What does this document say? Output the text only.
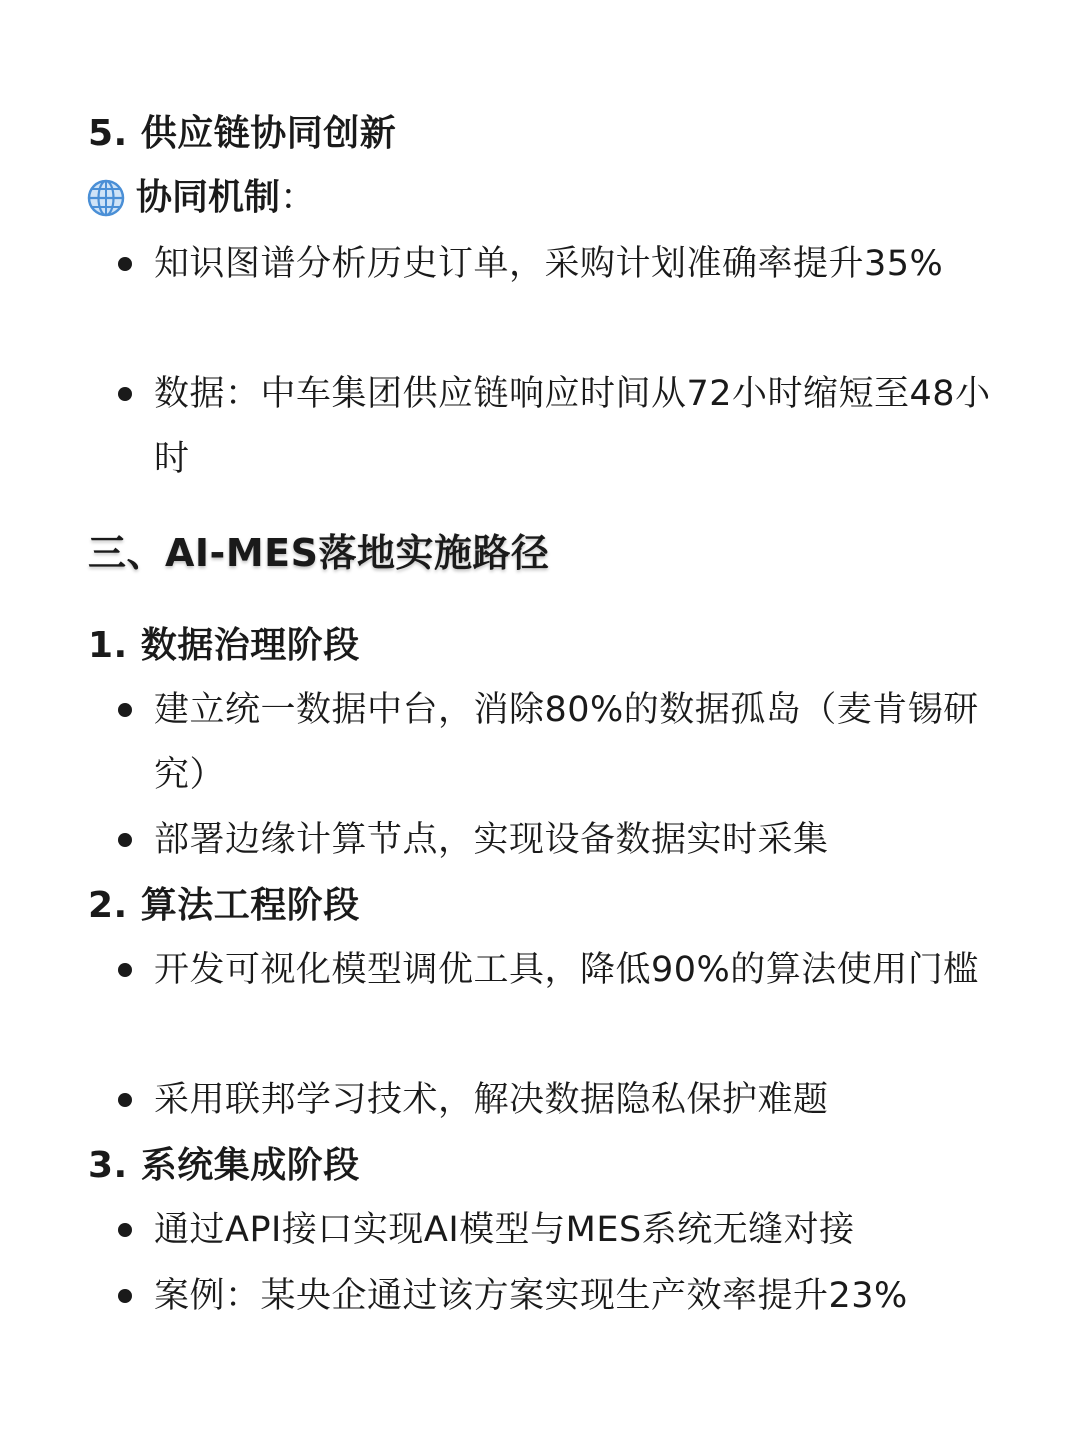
5. 供应链协同创新
协同机制 ：
知识图谱分析历史订单，采购计划准确率提升35%
数据：中车集团供应链响应时间从72小时缩短至48小时
三、AI-MES落地实施路径
1. 数据治理阶段
建立统一数据中台，消除80%的数据孤岛（麦肯锡研究）
部署边缘计算节点，实现设备数据实时采集
2. 算法工程阶段
开发可视化模型调优工具，降低90%的算法使用门槛
采用联邦学习技术，解决数据隐私保护难题
3. 系统集成阶段
通过API接口实现AI模型与MES系统无缝对接
案例：某央企通过该方案实现生产效率提升23%
